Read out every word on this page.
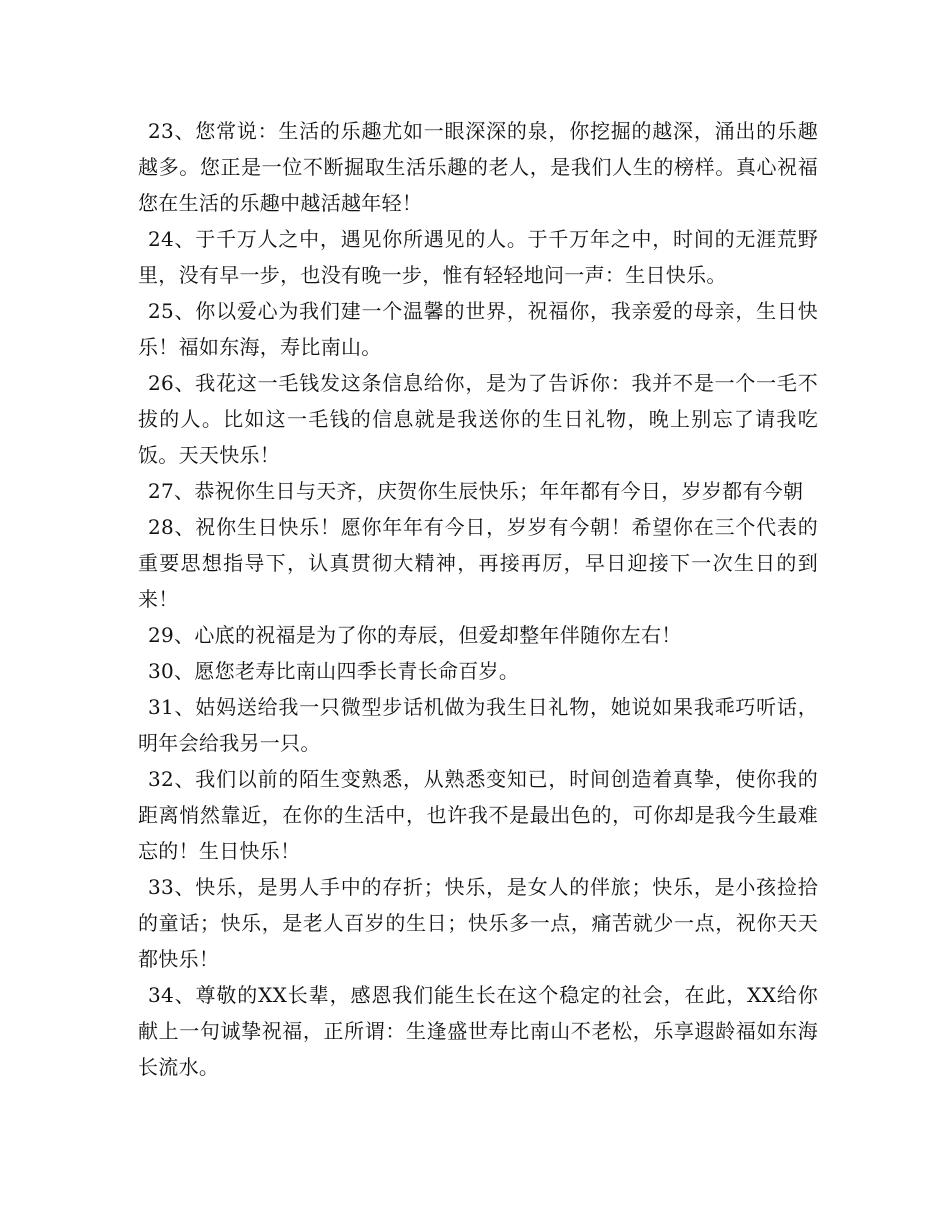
23、您常说：生活的乐趣尤如一眼深深的泉，你挖掘的越深，涌出的乐趣越多。您正是一位不断掘取生活乐趣的老人，是我们人生的榜样。真心祝福您在生活的乐趣中越活越年轻！

24、于千万人之中，遇见你所遇见的人。于千万年之中，时间的无涯荒野里，没有早一步，也没有晚一步，惟有轻轻地问一声：生日快乐。

25、你以爱心为我们建一个温馨的世界，祝福你，我亲爱的母亲，生日快乐！福如东海，寿比南山。

26、我花这一毛钱发这条信息给你，是为了告诉你：我并不是一个一毛不拔的人。比如这一毛钱的信息就是我送你的生日礼物，晚上别忘了请我吃饭。天天快乐！

27、恭祝你生日与天齐，庆贺你生辰快乐；年年都有今日，岁岁都有今朝

28、祝你生日快乐！愿你年年有今日，岁岁有今朝！希望你在三个代表的重要思想指导下，认真贯彻大精神，再接再厉，早日迎接下一次生日的到来！

29、心底的祝福是为了你的寿辰，但爱却整年伴随你左右！

30、愿您老寿比南山四季长青长命百岁。

31、姑妈送给我一只微型步话机做为我生日礼物，她说如果我乖巧听话，明年会给我另一只。

32、我们以前的陌生变熟悉，从熟悉变知已，时间创造着真挚，使你我的距离悄然靠近，在你的生活中，也许我不是最出色的，可你却是我今生最难忘的！生日快乐！

33、快乐，是男人手中的存折；快乐，是女人的伴旅；快乐，是小孩捡拾的童话；快乐，是老人百岁的生日；快乐多一点，痛苦就少一点，祝你天天都快乐！

34、尊敬的XX长辈，感恩我们能生长在这个稳定的社会，在此，XX给你献上一句诚挚祝福，正所谓：生逢盛世寿比南山不老松，乐享遐龄福如东海长流水。
